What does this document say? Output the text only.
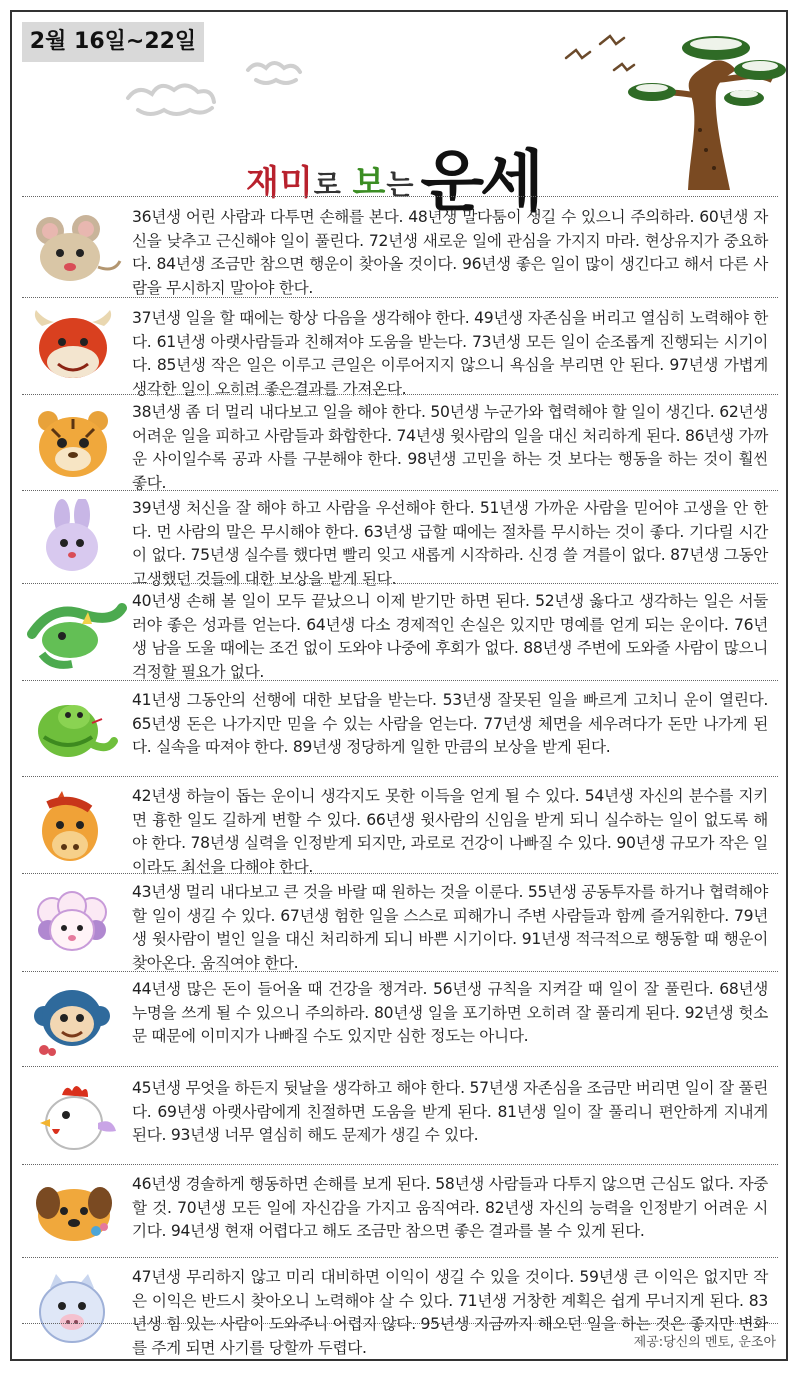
2월 16일~22일
재미로 보는운세
36년생 어린 사람과 다투면 손해를 본다. 48년생 말다툼이 생길 수 있으니 주의하라. 60년생 자신을 낮추고 근신해야 일이 풀린다. 72년생 새로운 일에 관심을 가지지 마라. 현상유지가 중요하다. 84년생 조금만 참으면 행운이 찾아올 것이다. 96년생 좋은 일이 많이 생긴다고 해서 다른 사람을 무시하지 말아야 한다.
37년생 일을 할 때에는 항상 다음을 생각해야 한다. 49년생 자존심을 버리고 열심히 노력해야 한다. 61년생 아랫사람들과 친해져야 도움을 받는다. 73년생 모든 일이 순조롭게 진행되는 시기이다. 85년생 작은 일은 이루고 큰일은 이루어지지 않으니 욕심을 부리면 안 된다. 97년생 가볍게 생각한 일이 오히려 좋은결과를 가져온다.
38년생 좀 더 멀리 내다보고 일을 해야 한다. 50년생 누군가와 협력해야 할 일이 생긴다. 62년생 어려운 일을 피하고 사람들과 화합한다. 74년생 윗사람의 일을 대신 처리하게 된다. 86년생 가까운 사이일수록 공과 사를 구분해야 한다. 98년생 고민을 하는 것 보다는 행동을 하는 것이 훨씬 좋다.
39년생 처신을 잘 해야 하고 사람을 우선해야 한다. 51년생 가까운 사람을 믿어야 고생을 안 한다. 먼 사람의 말은 무시해야 한다. 63년생 급할 때에는 절차를 무시하는 것이 좋다. 기다릴 시간이 없다. 75년생 실수를 했다면 빨리 잊고 새롭게 시작하라. 신경 쓸 겨를이 없다. 87년생 그동안 고생했던 것들에 대한 보상을 받게 된다.
40년생 손해 볼 일이 모두 끝났으니 이제 받기만 하면 된다. 52년생 옳다고 생각하는 일은 서둘러야 좋은 성과를 얻는다. 64년생 다소 경제적인 손실은 있지만 명예를 얻게 되는 운이다. 76년생 남을 도울 때에는 조건 없이 도와야 나중에 후회가 없다. 88년생 주변에 도와줄 사람이 많으니 걱정할 필요가 없다.
41년생 그동안의 선행에 대한 보답을 받는다. 53년생 잘못된 일을 빠르게 고치니 운이 열린다. 65년생 돈은 나가지만 믿을 수 있는 사람을 얻는다. 77년생 체면을 세우려다가 돈만 나가게 된다. 실속을 따져야 한다. 89년생 정당하게 일한 만큼의 보상을 받게 된다.
42년생 하늘이 돕는 운이니 생각지도 못한 이득을 얻게 될 수 있다. 54년생 자신의 분수를 지키면 흉한 일도 길하게 변할 수 있다. 66년생 윗사람의 신임을 받게 되니 실수하는 일이 없도록 해야 한다. 78년생 실력을 인정받게 되지만, 과로로 건강이 나빠질 수 있다. 90년생 규모가 작은 일이라도 최선을 다해야 한다.
43년생 멀리 내다보고 큰 것을 바랄 때 원하는 것을 이룬다. 55년생 공동투자를 하거나 협력해야 할 일이 생길 수 있다. 67년생 험한 일을 스스로 피해가니 주변 사람들과 함께 즐거워한다. 79년생 윗사람이 벌인 일을 대신 처리하게 되니 바쁜 시기이다. 91년생 적극적으로 행동할 때 행운이 찾아온다. 움직여야 한다.
44년생 많은 돈이 들어올 때 건강을 챙겨라. 56년생 규칙을 지켜갈 때 일이 잘 풀린다. 68년생 누명을 쓰게 될 수 있으니 주의하라. 80년생 일을 포기하면 오히려 잘 풀리게 된다. 92년생 헛소문 때문에 이미지가 나빠질 수도 있지만 심한 정도는 아니다.
45년생 무엇을 하든지 뒷날을 생각하고 해야 한다. 57년생 자존심을 조금만 버리면 일이 잘 풀린다. 69년생 아랫사람에게 친절하면 도움을 받게 된다. 81년생 일이 잘 풀리니 편안하게 지내게 된다. 93년생 너무 열심히 해도 문제가 생길 수 있다.
46년생 경솔하게 행동하면 손해를 보게 된다. 58년생 사람들과 다투지 않으면 근심도 없다. 자중할 것. 70년생 모든 일에 자신감을 가지고 움직여라. 82년생 자신의 능력을 인정받기 어려운 시기다. 94년생 현재 어렵다고 해도 조금만 참으면 좋은 결과를 볼 수 있게 된다.
47년생 무리하지 않고 미리 대비하면 이익이 생길 수 있을 것이다. 59년생 큰 이익은 없지만 작은 이익은 반드시 찾아오니 노력해야 살 수 있다. 71년생 거창한 계획은 쉽게 무너지게 된다. 83년생 힘 있는 사람이 도와주니 어렵지 않다. 95년생 지금까지 해오던 일을 하는 것은 좋지만 변화를 주게 되면 사기를 당할까 두렵다.	제공:당신의 멘토, 운조아
